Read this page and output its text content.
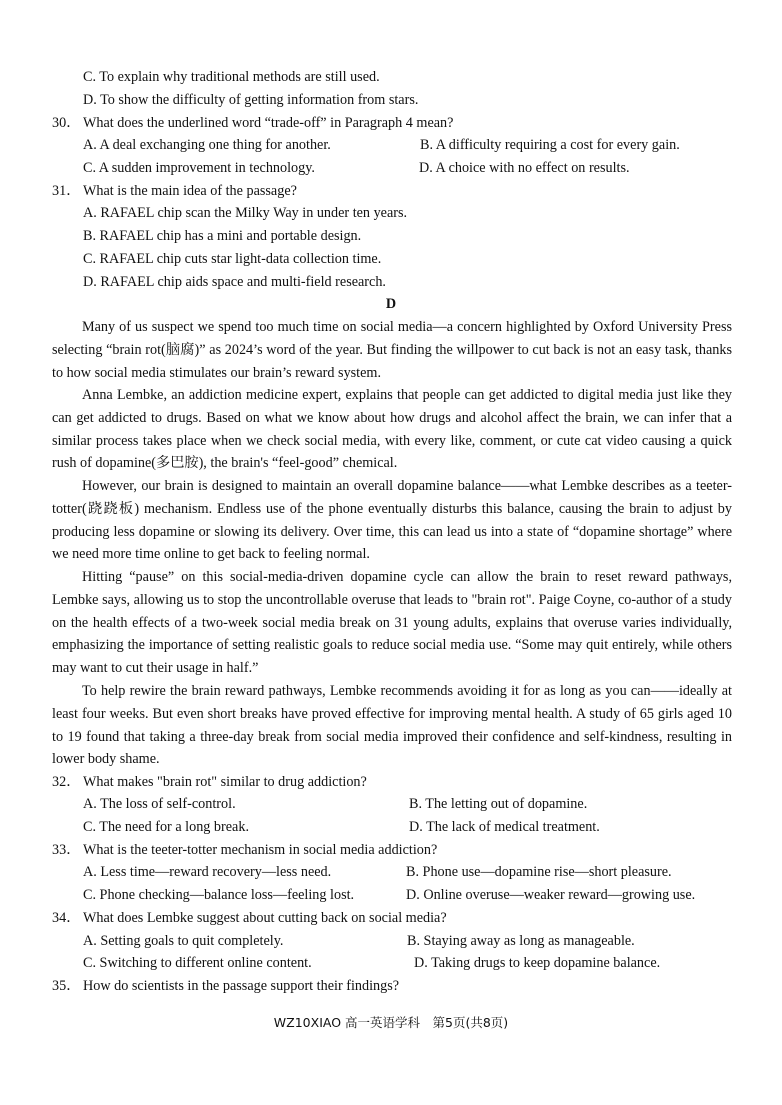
C. To explain why traditional methods are still used.
D. To show the difficulty of getting information from stars.
30． What does the underlined word “trade-off” in Paragraph 4 mean?
A. A deal exchanging one thing for another.	B. A difficulty requiring a cost for every gain.
C. A sudden improvement in technology.	D. A choice with no effect on results.
31． What is the main idea of the passage?
A. RAFAEL chip scan the Milky Way in under ten years.
B. RAFAEL chip has a mini and portable design.
C. RAFAEL chip cuts star light-data collection time.
D. RAFAEL chip aids space and multi-field research.
D
Many of us suspect we spend too much time on social media—a concern highlighted by Oxford University Press selecting “brain rot(脑腐)” as 2024’s word of the year. But finding the willpower to cut back is not an easy task, thanks to how social media stimulates our brain’s reward system.
Anna Lembke, an addiction medicine expert, explains that people can get addicted to digital media just like they can get addicted to drugs. Based on what we know about how drugs and alcohol affect the brain, we can infer that a similar process takes place when we check social media, with every like, comment, or cute cat video causing a quick rush of dopamine(多巴胺), the brain's “feel-good” chemical.
However, our brain is designed to maintain an overall dopamine balance——what Lembke describes as a teeter-totter(跷跷板) mechanism. Endless use of the phone eventually disturbs this balance, causing the brain to adjust by producing less dopamine or slowing its delivery. Over time, this can lead us into a state of “dopamine shortage” where we need more time online to get back to feeling normal.
Hitting “pause” on this social-media-driven dopamine cycle can allow the brain to reset reward pathways, Lembke says, allowing us to stop the uncontrollable overuse that leads to "brain rot". Paige Coyne, co-author of a study on the health effects of a two-week social media break on 31 young adults, explains that overuse varies individually, emphasizing the importance of setting realistic goals to reduce social media use. “Some may quit entirely, while others may want to cut their usage in half.”
To help rewire the brain reward pathways, Lembke recommends avoiding it for as long as you can——ideally at least four weeks. But even short breaks have proved effective for improving mental health. A study of 65 girls aged 10 to 19 found that taking a three-day break from social media improved their confidence and self-kindness, resulting in lower body shame.
32． What makes "brain rot" similar to drug addiction?
A. The loss of self-control.	B. The letting out of dopamine.
C. The need for a long break.	D. The lack of medical treatment.
33． What is the teeter-totter mechanism in social media addiction?
A. Less time—reward recovery—less need.	B. Phone use—dopamine rise—short pleasure.
C. Phone checking—balance loss—feeling lost.	D. Online overuse—weaker reward—growing use.
34． What does Lembke suggest about cutting back on social media?
A. Setting goals to quit completely.	B. Staying away as long as manageable.
C. Switching to different online content.	D. Taking drugs to keep dopamine balance.
35． How do scientists in the passage support their findings?
WZ10XIAO 高一英语学科　第5页(共8页)
